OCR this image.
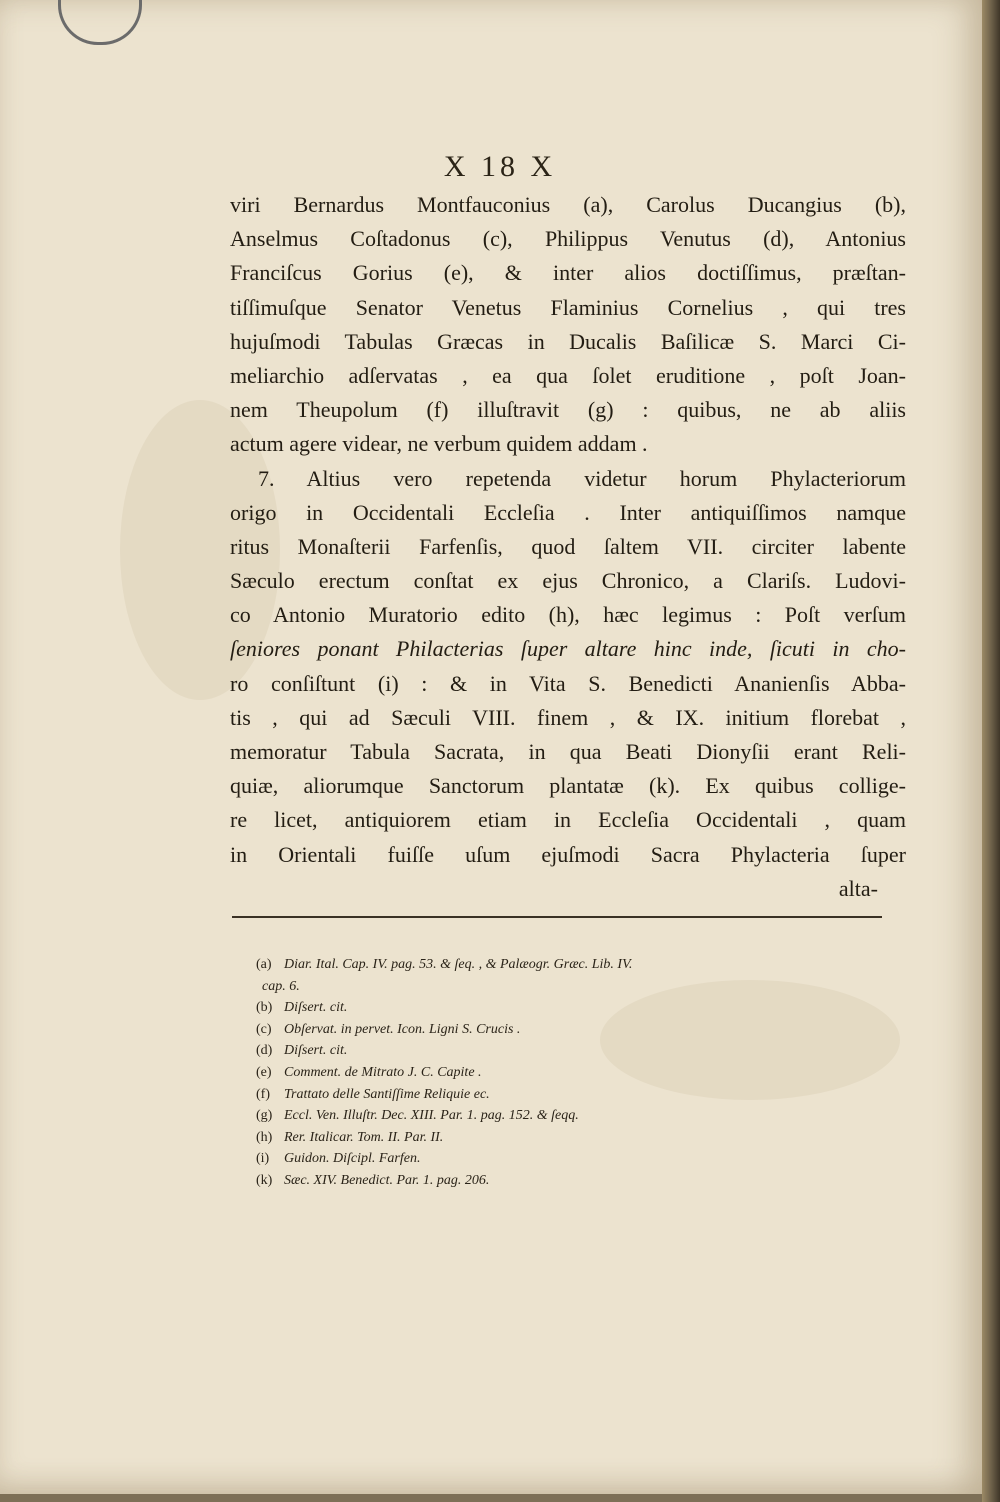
X 18 X
viri Bernardus Montfauconius (a), Carolus Ducangius (b),
Anselmus Coſtadonus (c), Philippus Venutus (d), Antonius
Franciſcus Gorius (e), & inter alios doctiſſimus, præſtan-
tiſſimuſque Senator Venetus Flaminius Cornelius , qui tres
hujuſmodi Tabulas Græcas in Ducalis Baſilicæ S. Marci Ci-
meliarchio adſervatas , ea qua ſolet eruditione , poſt Joan-
nem Theupolum (f) illuſtravit (g) : quibus, ne ab aliis
actum agere videar, ne verbum quidem addam .
7. Altius vero repetenda videtur horum Phylacteriorum
origo in Occidentali Eccleſia . Inter antiquiſſimos namque
ritus Monaſterii Farfenſis, quod ſaltem VII. circiter labente
Sæculo erectum conſtat ex ejus Chronico, a Clariſs. Ludovi-
co Antonio Muratorio edito (h), hæc legimus : Poſt verſum
ſeniores ponant Philacterias ſuper altare hinc inde, ſicuti in cho-
ro conſiſtunt (i) : & in Vita S. Benedicti Ananienſis Abba-
tis , qui ad Sæculi VIII. finem , & IX. initium florebat ,
memoratur Tabula Sacrata, in qua Beati Dionyſii erant Reli-
quiæ, aliorumque Sanctorum plantatæ (k). Ex quibus collige-
re licet, antiquiorem etiam in Eccleſia Occidentali , quam
in Orientali fuiſſe uſum ejuſmodi Sacra Phylacteria ſuper
alta-
(a) Diar. Ital. Cap. IV. pag. 53. & ſeq. , & Palæogr. Græc. Lib. IV.
cap. 6.
(b) Diſsert. cit.
(c) Obſervat. in pervet. Icon. Ligni S. Crucis .
(d) Diſsert. cit.
(e) Comment. de Mitrato J. C. Capite .
(f) Trattato delle Santiſſime Reliquie ec.
(g) Eccl. Ven. Illuſtr. Dec. XIII. Par. 1. pag. 152. & ſeqq.
(h) Rer. Italicar. Tom. II. Par. II.
(i) Guidon. Diſcipl. Farfen.
(k) Sæc. XIV. Benedict. Par. 1. pag. 206.
